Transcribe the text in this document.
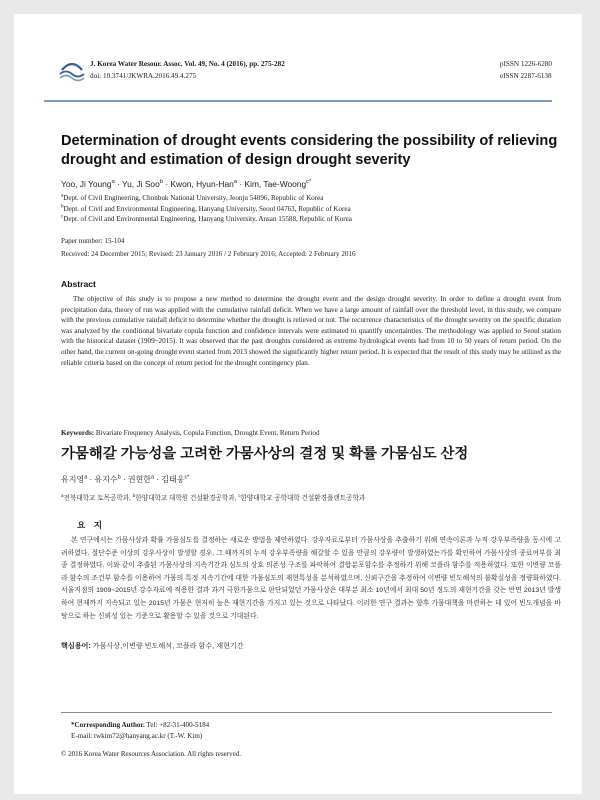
J. Korea Water Resour. Assoc. Vol. 49, No. 4 (2016), pp. 275-282
doi: 10.3741/JKWRA.2016.49.4.275
pISSN 1226-6280
eISSN 2287-6138
Determination of drought events considering the possibility of relieving drought and estimation of design drought severity
Yoo, Ji Young$^a$ · Yu, Ji Soo$^b$ · Kwon, Hyun-Han$^a$ · Kim, Tae-Woong$^{c*}$
$^a$Dept. of Civil Engineering, Chonbuk National University, Jeonju 54896, Republic of Korea
$^b$Dept. of Civil and Environmental Engineering, Hanyang University, Seoul 04763, Republic of Korea
$^c$Dept. of Civil and Environmental Engineering, Hanyang University, Ansan 15588, Republic of Korea
Paper number: 15-104
Received: 24 December 2015; Revised: 23 January 2016 / 2 February 2016; Accepted: 2 February 2016
Abstract
The objective of this study is to propose a new method to determine the drought event and the design drought severity. In order to define a drought event from precipitation data, theory of run was applied with the cumulative rainfall deficit. When we have a large amount of rainfall over the threshold level, in this study, we compare with the previous cumulative rainfall deficit to determine whether the drought is relieved or not. The recurrence characteristics of the drought severity on the specific duration was analyzed by the conditional bivariate copula function and confidence intervals were estimated to quantify uncertainties. The methodology was applied to Seoul station with the historical dataset (1909~2015). It was observed that the past droughts considered as extreme hydrological events had from 10 to 50 years of return period. On the other hand, the current on-going drought event started from 2013 showed the significantly higher return period. It is expected that the result of this study may be utilized as the reliable criteria based on the concept of return period for the drought contingency plan.
Keywords: Bivariate Frequency Analysis, Copula Function, Drought Event, Return Period
가뭄해갈 가능성을 고려한 가뭄사상의 결정 및 확률 가뭄심도 산정
유지영$^a$ · 유지수$^b$ · 권현한$^a$ · 김태웅$^{c*}$
$^a$전북대학교 토목공학과, $^b$한양대학교 대학원 건설환경공학과, $^c$한양대학교 공학대학 건설환경플랜트공학과
요 지
본 연구에서는 가뭄사상과 확률 가뭄심도를 결정하는 새로운 방법을 제안하였다. 강우자료로부터 가뭄사상을 추출하기 위해 연속이론과 누적 강우부족량을 동시에 고려하였다. 절단수준 이상의 강우사상이 발생할 경우, 그 때까지의 누적 강우부족량을 해갈할 수 있을 만큼의 강우량이 발생하였는가를 확인하여 가뭄사상의 종료여부를 최종 결정하였다. 이와 같이 추출된 가뭄사상의 지속기간과 심도의 상호 의존성 구조를 파악하여 결합분포함수를 추정하기 위해 코플라 함수를 적용하였다. 또한 이변량 코플라 함수의 조건부 함수를 이용하여 가뭄의 특정 지속기간에 대한 가뭄심도의 재현특성을 분석하였으며, 신뢰구간을 추정하여 이변량 빈도해석의 불확실성을 정량화하였다. 서울지점의 1909~2015년 강수자료에 적용한 결과 과거 극한가뭄으로 판단되었던 가뭄사상은 대부분 최소 10년에서 최대 50년 정도의 재현기간을 갖는 반면 2013년 발생하여 현재까지 지속되고 있는 2015년 가뭄은 현저히 높은 재현기간을 가지고 있는 것으로 나타났다. 이러한 연구 결과는 향후 가뭄대책을 마련하는 데 있어 빈도개념을 바탕으로 하는 신뢰성 있는 기준으로 활용할 수 있을 것으로 기대된다.
핵심용어: 가뭄사상,이변량 빈도해석, 코플라 함수, 재현기간
*Corresponding Author. Tel: +82-31-400-5184
E-mail: twkim72@hanyang.ac.kr (T.-W. Kim)
© 2016 Korea Water Resources Association. All rights reserved.
